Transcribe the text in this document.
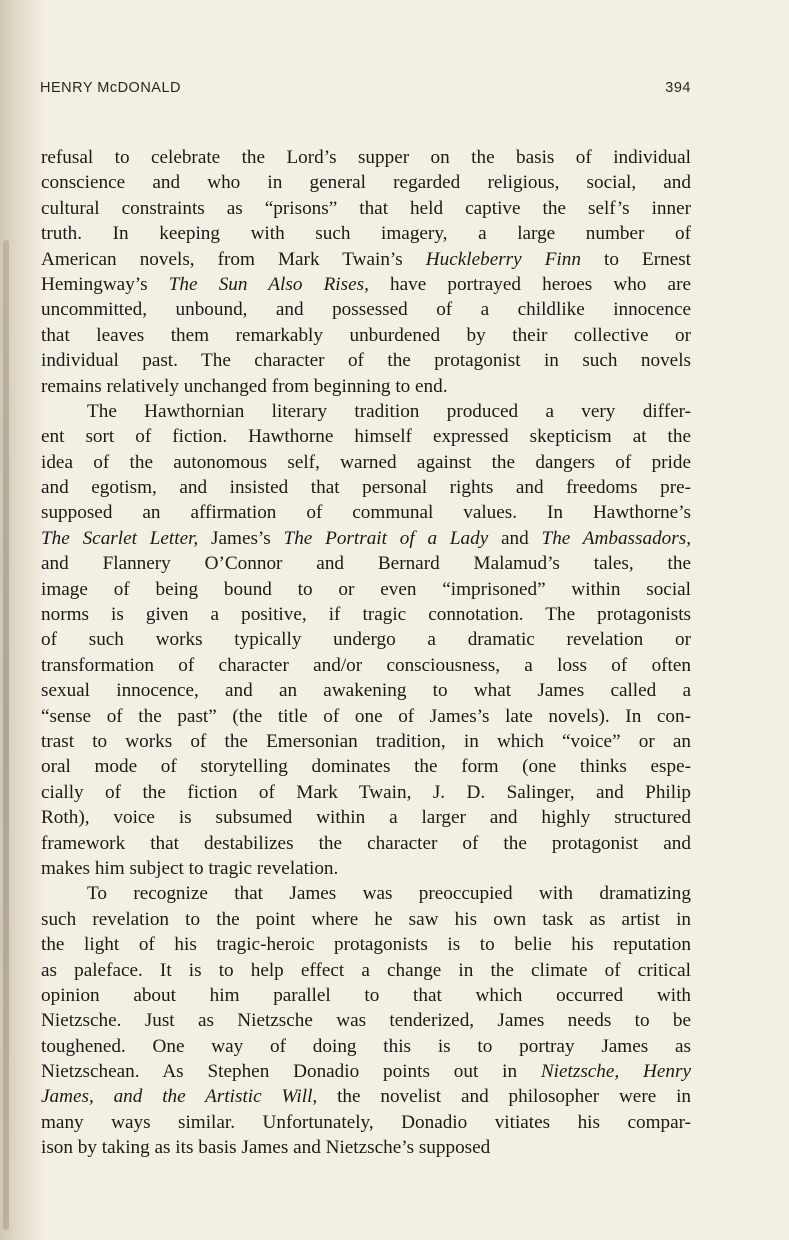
HENRY McDONALD	394
refusal to celebrate the Lord’s supper on the basis of individual
conscience and who in general regarded religious, social, and
cultural constraints as “prisons” that held captive the self’s inner
truth. In keeping with such imagery, a large number of
American novels, from Mark Twain’s Huckleberry Finn to Ernest
Hemingway’s The Sun Also Rises, have portrayed heroes who are
uncommitted, unbound, and possessed of a childlike innocence
that leaves them remarkably unburdened by their collective or
individual past. The character of the protagonist in such novels
remains relatively unchanged from beginning to end.
The Hawthornian literary tradition produced a very differ-
ent sort of fiction. Hawthorne himself expressed skepticism at the
idea of the autonomous self, warned against the dangers of pride
and egotism, and insisted that personal rights and freedoms pre-
supposed an affirmation of communal values. In Hawthorne’s
The Scarlet Letter, James’s The Portrait of a Lady and The Ambassadors,
and Flannery O’Connor and Bernard Malamud’s tales, the
image of being bound to or even “imprisoned” within social
norms is given a positive, if tragic connotation. The protagonists
of such works typically undergo a dramatic revelation or
transformation of character and/or consciousness, a loss of often
sexual innocence, and an awakening to what James called a
“sense of the past” (the title of one of James’s late novels). In con-
trast to works of the Emersonian tradition, in which “voice” or an
oral mode of storytelling dominates the form (one thinks espe-
cially of the fiction of Mark Twain, J. D. Salinger, and Philip
Roth), voice is subsumed within a larger and highly structured
framework that destabilizes the character of the protagonist and
makes him subject to tragic revelation.
To recognize that James was preoccupied with dramatizing
such revelation to the point where he saw his own task as artist in
the light of his tragic-heroic protagonists is to belie his reputation
as paleface. It is to help effect a change in the climate of critical
opinion about him parallel to that which occurred with
Nietzsche. Just as Nietzsche was tenderized, James needs to be
toughened. One way of doing this is to portray James as
Nietzschean. As Stephen Donadio points out in Nietzsche, Henry
James, and the Artistic Will, the novelist and philosopher were in
many ways similar. Unfortunately, Donadio vitiates his compar-
ison by taking as its basis James and Nietzsche’s supposed
